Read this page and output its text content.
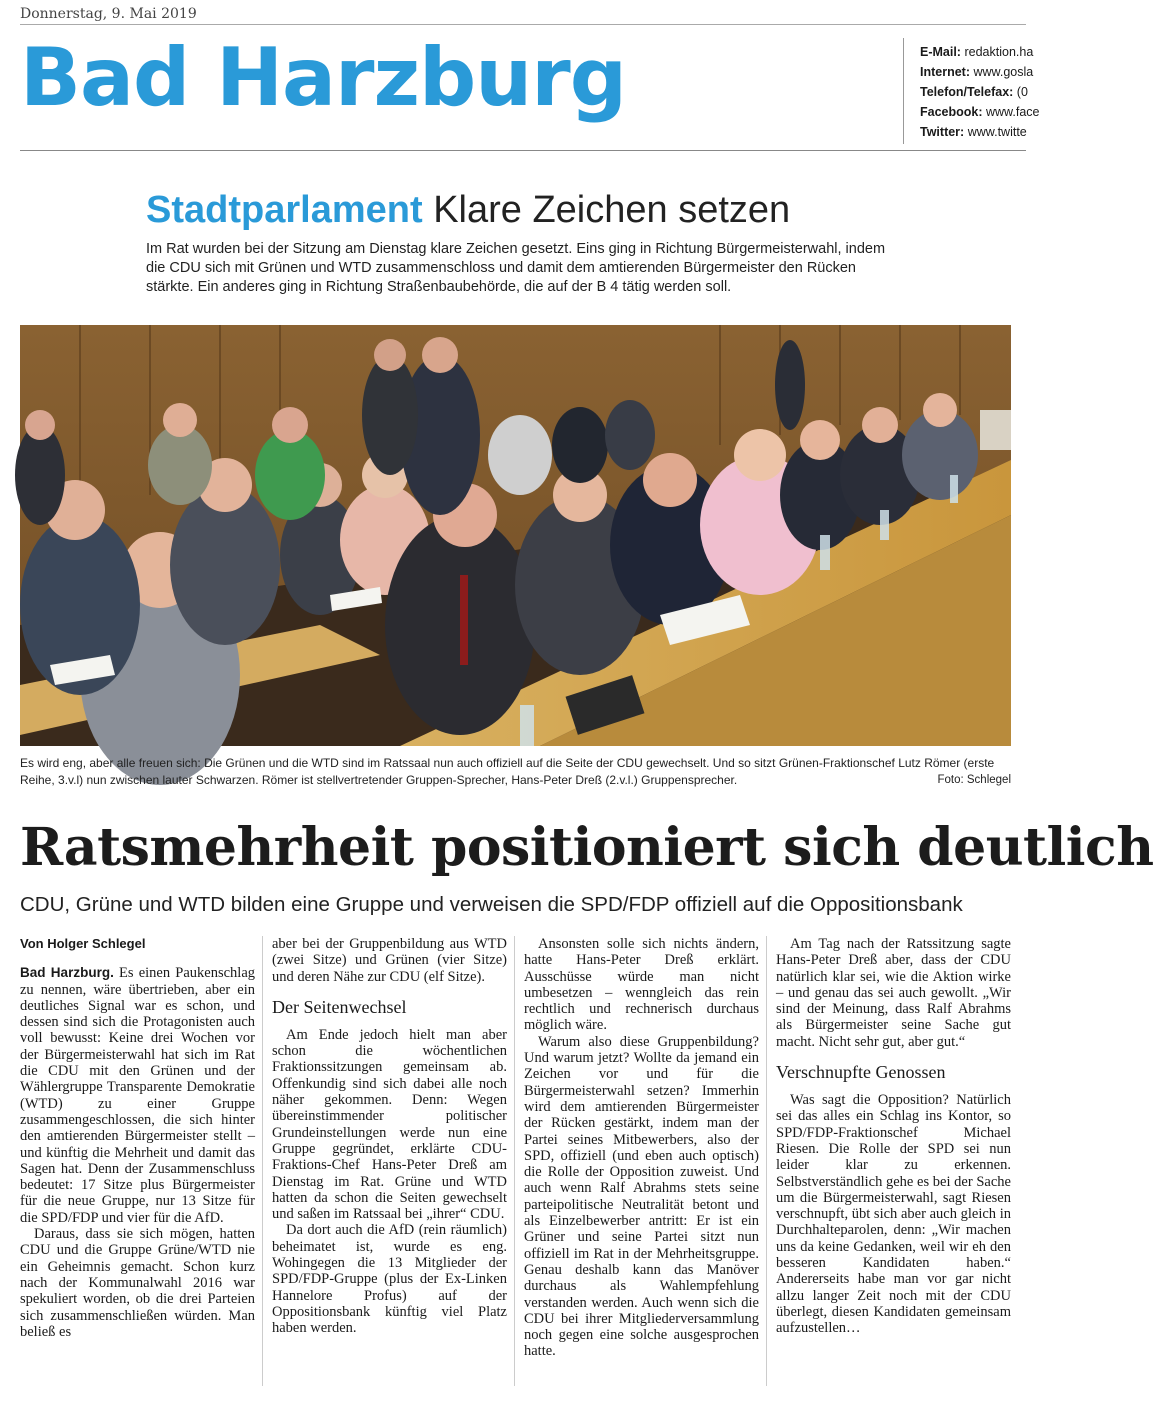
Donnerstag, 9. Mai 2019
Bad Harzburg	E-Mail: redaktion.ha
Internet: www.gosla
Telefon/Telefax: (0
Facebook: www.face
Twitter: www.twitte
Stadtparlament Klare Zeichen setzen
Im Rat wurden bei der Sitzung am Dienstag klare Zeichen gesetzt. Eins ging in Richtung Bürgermeisterwahl, indem die CDU sich mit Grünen und WTD zusammenschloss und damit dem amtierenden Bürgermeister den Rücken stärkte. Ein anderes ging in Richtung Straßenbaubehörde, die auf der B 4 tätig werden soll.
Es wird eng, aber alle freuen sich: Die Grünen und die WTD sind im Ratssaal nun auch offiziell auf die Seite der CDU gewechselt. Und so sitzt Grünen-Fraktionschef Lutz Römer (erste Reihe, 3.v.l) nun zwischen lauter Schwarzen. Römer ist stellvertretender Gruppen-Sprecher, Hans-Peter Dreß (2.v.l.) Gruppensprecher.	Foto: Schlegel
Ratsmehrheit positioniert sich deutlich
CDU, Grüne und WTD bilden eine Gruppe und verweisen die SPD/FDP offiziell auf die Oppositionsbank

Von Holger Schlegel

Bad Harzburg. Es einen Paukenschlag zu nennen, wäre übertrieben, aber ein deutliches Signal war es schon, und dessen sind sich die Protagonisten auch voll bewusst: Keine drei Wochen vor der Bürgermeisterwahl hat sich im Rat die CDU mit den Grünen und der Wählergruppe Transparente Demokratie (WTD) zu einer Gruppe zusammengeschlossen, die sich hinter den amtierenden Bürgermeister stellt – und künftig die Mehrheit und damit das Sagen hat. Denn der Zusammenschluss bedeutet: 17 Sitze plus Bürgermeister für die neue Gruppe, nur 13 Sitze für die SPD/FDP und vier für die AfD.

Daraus, dass sie sich mögen, hatten CDU und die Gruppe Grüne/WTD nie ein Geheimnis gemacht. Schon kurz nach der Kommunalwahl 2016 war spekuliert worden, ob die drei Parteien sich zusammenschließen würden. Man beließ es

aber bei der Gruppenbildung aus WTD (zwei Sitze) und Grünen (vier Sitze) und deren Nähe zur CDU (elf Sitze).

Der Seitenwechsel

Am Ende jedoch hielt man aber schon die wöchentlichen Fraktionssitzungen gemeinsam ab. Offenkundig sind sich dabei alle noch näher gekommen. Denn: Wegen übereinstimmender politischer Grundeinstellungen werde nun eine Gruppe gegründet, erklärte CDU-Fraktions-Chef Hans-Peter Dreß am Dienstag im Rat. Grüne und WTD hatten da schon die Seiten gewechselt und saßen im Ratssaal bei „ihrer“ CDU.

Da dort auch die AfD (rein räumlich) beheimatet ist, wurde es eng. Wohingegen die 13 Mitglieder der SPD/FDP-Gruppe (plus der Ex-Linken Hannelore Profus) auf der Oppositionsbank künftig viel Platz haben werden.

Ansonsten solle sich nichts ändern, hatte Hans-Peter Dreß erklärt. Ausschüsse würde man nicht umbesetzen – wenngleich das rein rechtlich und rechnerisch durchaus möglich wäre.

Warum also diese Gruppenbildung? Und warum jetzt? Wollte da jemand ein Zeichen vor und für die Bürgermeisterwahl setzen? Immerhin wird dem amtierenden Bürgermeister der Rücken gestärkt, indem man der Partei seines Mitbewerbers, also der SPD, offiziell (und eben auch optisch) die Rolle der Opposition zuweist. Und auch wenn Ralf Abrahms stets seine parteipolitische Neutralität betont und als Einzelbewerber antritt: Er ist ein Grüner und seine Partei sitzt nun offiziell im Rat in der Mehrheitsgruppe. Genau deshalb kann das Manöver durchaus als Wahlempfehlung verstanden werden. Auch wenn sich die CDU bei ihrer Mitgliederversammlung noch gegen eine solche ausgesprochen hatte.

Am Tag nach der Ratssitzung sagte Hans-Peter Dreß aber, dass der CDU natürlich klar sei, wie die Aktion wirke – und genau das sei auch gewollt. „Wir sind der Meinung, dass Ralf Abrahms als Bürgermeister seine Sache gut macht. Nicht sehr gut, aber gut.“

Verschnupfte Genossen

Was sagt die Opposition? Natürlich sei das alles ein Schlag ins Kontor, so SPD/FDP-Fraktionschef Michael Riesen. Die Rolle der SPD sei nun leider klar zu erkennen. Selbstverständlich gehe es bei der Sache um die Bürgermeisterwahl, sagt Riesen verschnupft, übt sich aber auch gleich in Durchhalteparolen, denn: „Wir machen uns da keine Gedanken, weil wir eh den besseren Kandidaten haben.“ Andererseits habe man vor gar nicht allzu langer Zeit noch mit der CDU überlegt, diesen Kandidaten gemeinsam aufzustellen…
